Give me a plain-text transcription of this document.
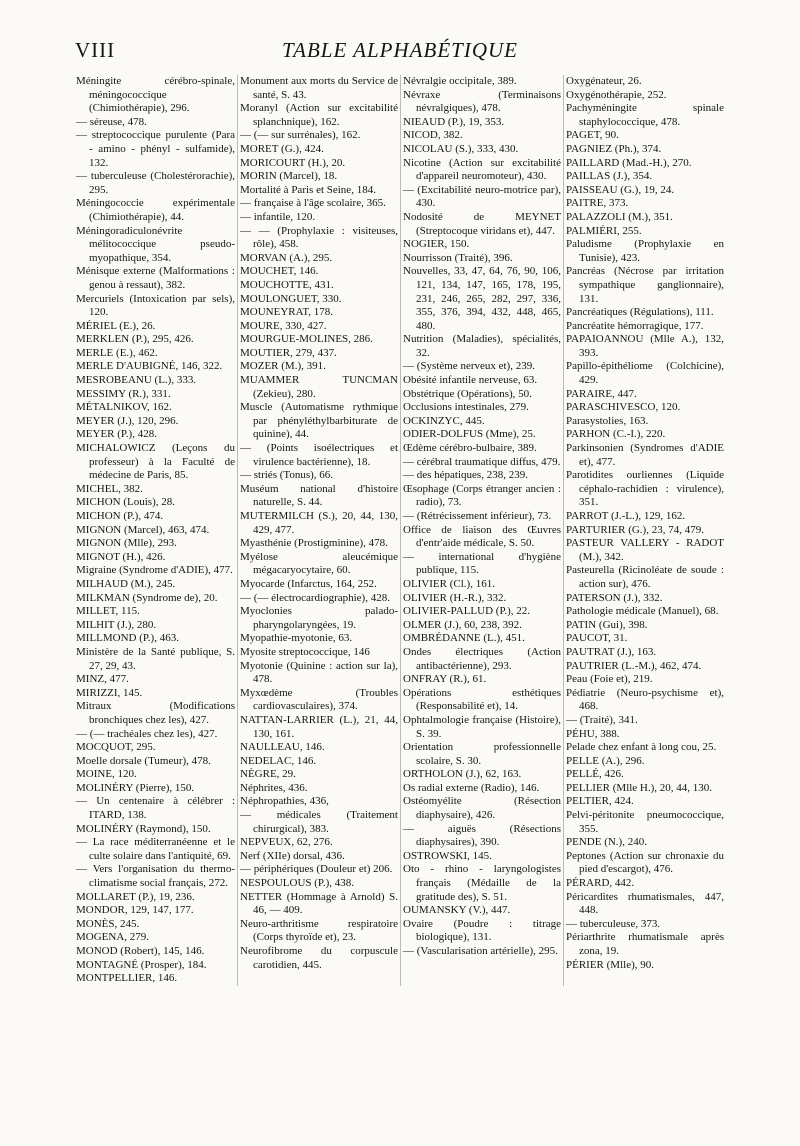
VIII	TABLE ALPHABÉTIQUE
Méningite cérébro-spinale, méningococcique (Chimiothérapie), 296.
— séreuse, 478.
— streptococcique purulente (Para - amino - phényl - sulfamide), 132.
— tuberculeuse (Cholestérorachie), 295.
Méningococcie expérimentale (Chimiothérapie), 44.
Méningoradiculonévrite mélitococcique pseudo-myopathique, 354.
Ménisque externe (Malformations : genou à ressaut), 382.
Mercuriels (Intoxication par sels), 120.
MÉRIEL (E.), 26.
MERKLEN (P.), 295, 426.
MERLE (E.), 462.
MERLE D'AUBIGNÉ, 146, 322.
MESROBEANU (L.), 333.
MESSIMY (R.), 331.
MÉTALNIKOV, 162.
MEYER (J.), 120, 296.
MEYER (P.), 428.
MICHALOWICZ (Leçons du professeur) à la Faculté de médecine de Paris, 85.
MICHEL, 382.
MICHON (Louis), 28.
MICHON (P.), 474.
MIGNON (Marcel), 463, 474.
MIGNON (Mlle), 293.
MIGNOT (H.), 426.
Migraine (Syndrome d'ADIE), 477.
MILHAUD (M.), 245.
MILKMAN (Syndrome de), 20.
MILLET, 115.
MILHIT (J.), 280.
MILLMOND (P.), 463.
Ministère de la Santé publique, S. 27, 29, 43.
MINZ, 477.
MIRIZZI, 145.
Mitraux (Modifications bronchiques chez les), 427.
— (— trachéales chez les), 427.
MOCQUOT, 295.
Moelle dorsale (Tumeur), 478.
MOINE, 120.
MOLINÉRY (Pierre), 150.
— Un centenaire à célébrer : ITARD, 138.
MOLINÉRY (Raymond), 150.
— La race méditerranéenne et le culte solaire dans l'antiquité, 69.
— Vers l'organisation du thermo-climatisme social français, 272.
MOLLARET (P.), 19, 236.
MONDOR, 129, 147, 177.
MONÈS, 245.
MOGENA, 279.
MONOD (Robert), 145, 146.
MONTAGNÉ (Prosper), 184.
MONTPELLIER, 146.
Monument aux morts du Service de santé, S. 43.
Moranyl (Action sur excitabilité splanchnique), 162.
— (— sur surrénales), 162.
MORET (G.), 424.
MORICOURT (H.), 20.
MORIN (Marcel), 18.
Mortalité à Paris et Seine, 184.
— française à l'âge scolaire, 365.
— infantile, 120.
— — (Prophylaxie : visiteuses, rôle), 458.
MORVAN (A.), 295.
MOUCHET, 146.
MOUCHOTTE, 431.
MOULONGUET, 330.
MOUNEYRAT, 178.
MOURE, 330, 427.
MOURGUE-MOLINES, 286.
MOUTIER, 279, 437.
MOZER (M.), 391.
MUAMMER TUNCMAN (Zekieu), 280.
Muscle (Automatisme rythmique par phényléthylbarbiturate de quinine), 44.
— (Points isoélectriques et virulence bactérienne), 18.
— striés (Tonus), 66.
Muséum national d'histoire naturelle, S. 44.
MUTERMILCH (S.), 20, 44, 130, 429, 477.
Myasthénie (Prostigminine), 478.
Myélose aleucémique mégacaryocytaire, 60.
Myocarde (Infarctus, 164, 252.
— (— électrocardiographie), 428.
Myoclonies palado-pharyngolaryngées, 19.
Myopathie-myotonie, 63.
Myosite streptococcique, 146
Myotonie (Quinine : action sur la), 478.
Myxœdème (Troubles cardiovasculaires), 374.
NATTAN-LARRIER (L.), 21, 44, 130, 161.
NAULLEAU, 146.
NEDELAC, 146.
NÈGRE, 29.
Néphrites, 436.
Néphropathies, 436,
— médicales (Traitement chirurgical), 383.
NEPVEUX, 62, 276.
Nerf (XIIe) dorsal, 436.
— périphériques (Douleur et) 206.
NESPOULOUS (P.), 438.
NETTER (Hommage à Arnold) S. 46, — 409.
Neuro-arthritisme respiratoire (Corps thyroïde et), 23.
Neurofibrome du corpuscule carotidien, 445.
Névralgie occipitale, 389.
Névraxe (Terminaisons névralgiques), 478.
NIEAUD (P.), 19, 353.
NICOD, 382.
NICOLAU (S.), 333, 430.
Nicotine (Action sur excitabilité d'appareil neuromoteur), 430.
— (Excitabilité neuro-motrice par), 430.
Nodosité de MEYNET (Streptocoque viridans et), 447.
NOGIER, 150.
Nourrisson (Traité), 396.
Nouvelles, 33, 47, 64, 76, 90, 106, 121, 134, 147, 165, 178, 195, 231, 246, 265, 282, 297, 336, 355, 376, 394, 432, 448, 465, 480.
Nutrition (Maladies), spécialités, 32.
— (Système nerveux et), 239.
Obésité infantile nerveuse, 63.
Obstétrique (Opérations), 50.
Occlusions intestinales, 279.
OCKINZYC, 445.
ODIER-DOLFUS (Mme), 25.
Œdème cérébro-bulbaire, 389.
— cérébral traumatique diffus, 479.
— des hépatiques, 238, 239.
Œsophage (Corps étranger ancien : radio), 73.
— (Rétrécissement inférieur), 73.
Office de liaison des Œuvres d'entr'aide médicale, S. 50.
— international d'hygiène publique, 115.
OLIVIER (Cl.), 161.
OLIVIER (H.-R.), 332.
OLIVIER-PALLUD (P.), 22.
OLMER (J.), 60, 238, 392.
OMBRÉDANNE (L.), 451.
Ondes électriques (Action antibactérienne), 293.
ONFRAY (R.), 61.
Opérations esthétiques (Responsabilité et), 14.
Ophtalmologie française (Histoire), S. 39.
Orientation professionnelle scolaire, S. 30.
ORTHOLON (J.), 62, 163.
Os radial externe (Radio), 146.
Ostéomyélite (Résection diaphysaire), 426.
— aiguës (Résections diaphysaires), 390.
OSTROWSKI, 145.
Oto - rhino - laryngologistes français (Médaille de la gratitude des), S. 51.
OUMANSKY (V.), 447.
Ovaire (Poudre : titrage biologique), 131.
— (Vascularisation artérielle), 295.
Oxygénateur, 26.
Oxygénothérapie, 252.
Pachyméningite spinale staphylococcique, 478.
PAGET, 90.
PAGNIEZ (Ph.), 374.
PAILLARD (Mad.-H.), 270.
PAILLAS (J.), 354.
PAISSEAU (G.), 19, 24.
PAITRE, 373.
PALAZZOLI (M.), 351.
PALMIÉRI, 255.
Paludisme (Prophylaxie en Tunisie), 423.
Pancréas (Nécrose par irritation sympathique ganglionnaire), 131.
Pancréatiques (Régulations), 111.
Pancréatite hémorragique, 177.
PAPAIOANNOU (Mlle A.), 132, 393.
Papillo-épithéliome (Colchicine), 429.
PARAIRE, 447.
PARASCHIVESCO, 120.
Parasystolies, 163.
PARHON (C.-I.), 220.
Parkinsonien (Syndromes d'ADIE et), 477.
Parotidites ourliennes (Liquide céphalo-rachidien : virulence), 351.
PARROT (J.-L.), 129, 162.
PARTURIER (G.), 23, 74, 479.
PASTEUR VALLERY - RADOT (M.), 342.
Pasteurella (Ricinoléate de soude : action sur), 476.
PATERSON (J.), 332.
Pathologie médicale (Manuel), 68.
PATIN (Gui), 398.
PAUCOT, 31.
PAUTRAT (J.), 163.
PAUTRIER (L.-M.), 462, 474.
Peau (Foie et), 219.
Pédiatrie (Neuro-psychisme et), 468.
— (Traité), 341.
PÉHU, 388.
Pelade chez enfant à long cou, 25.
PELLE (A.), 296.
PELLÉ, 426.
PELLIER (Mlle H.), 20, 44, 130.
PELTIER, 424.
Pelvi-péritonite pneumococcique, 355.
PENDE (N.), 240.
Peptones (Action sur chronaxie du pied d'escargot), 476.
PÉRARD, 442.
Péricardites rhumatismales, 447, 448.
— tuberculeuse, 373.
Périarthrite rhumatismale après zona, 19.
PÉRIER (Mlle), 90.
